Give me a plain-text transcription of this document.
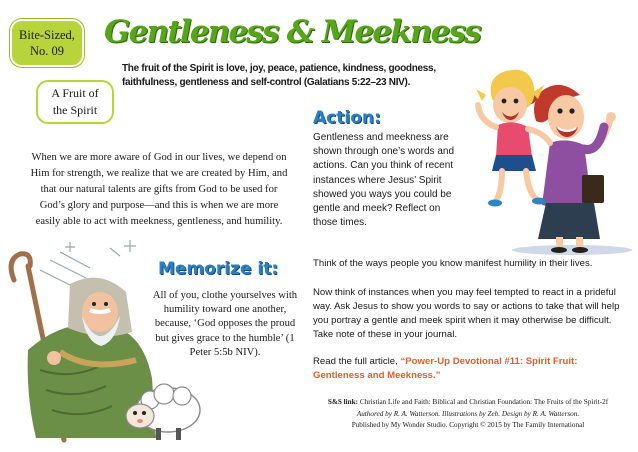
Bite-Sized,
No. 09
A Fruit of
the Spirit
Gentleness & Meekness
The fruit of the Spirit is love, joy, peace, patience, kindness, goodness, faithfulness, gentleness and self-control (Galatians 5:22–23 NIV).
When we are more aware of God in our lives, we depend on Him for strength, we realize that we are created by Him, and that our natural talents are gifts from God to be used for God’s glory and purpose—and this is when we are more easily able to act with meekness, gentleness, and humility.
Action:
Gentleness and meekness are shown through one’s words and actions. Can you think of recent instances where Jesus’ Spirit showed you ways you could be gentle and meek? Reflect on those times.
Memorize it:
All of you, clothe yourselves with humility toward one another, because, ‘God opposes the proud but gives grace to the humble’ (1 Peter 5:5b NIV).
Think of the ways people you know manifest humility in their lives.
Now think of instances when you may feel tempted to react in a prideful way. Ask Jesus to show you words to say or actions to take that will help you portray a gentle and meek spirit when it may otherwise be difficult. Take note of these in your journal.
Read the full article, “Power-Up Devotional #11: Spirit Fruit: Gentleness and Meekness.”
S&S link: Christian Life and Faith: Biblical and Christian Foundation: The Fruits of the Spirit-2f
Authored by R. A. Watterson. Illustrations by Zeb. Design by R. A. Watterson.
Published by My Wonder Studio. Copyright © 2015 by The Family International
